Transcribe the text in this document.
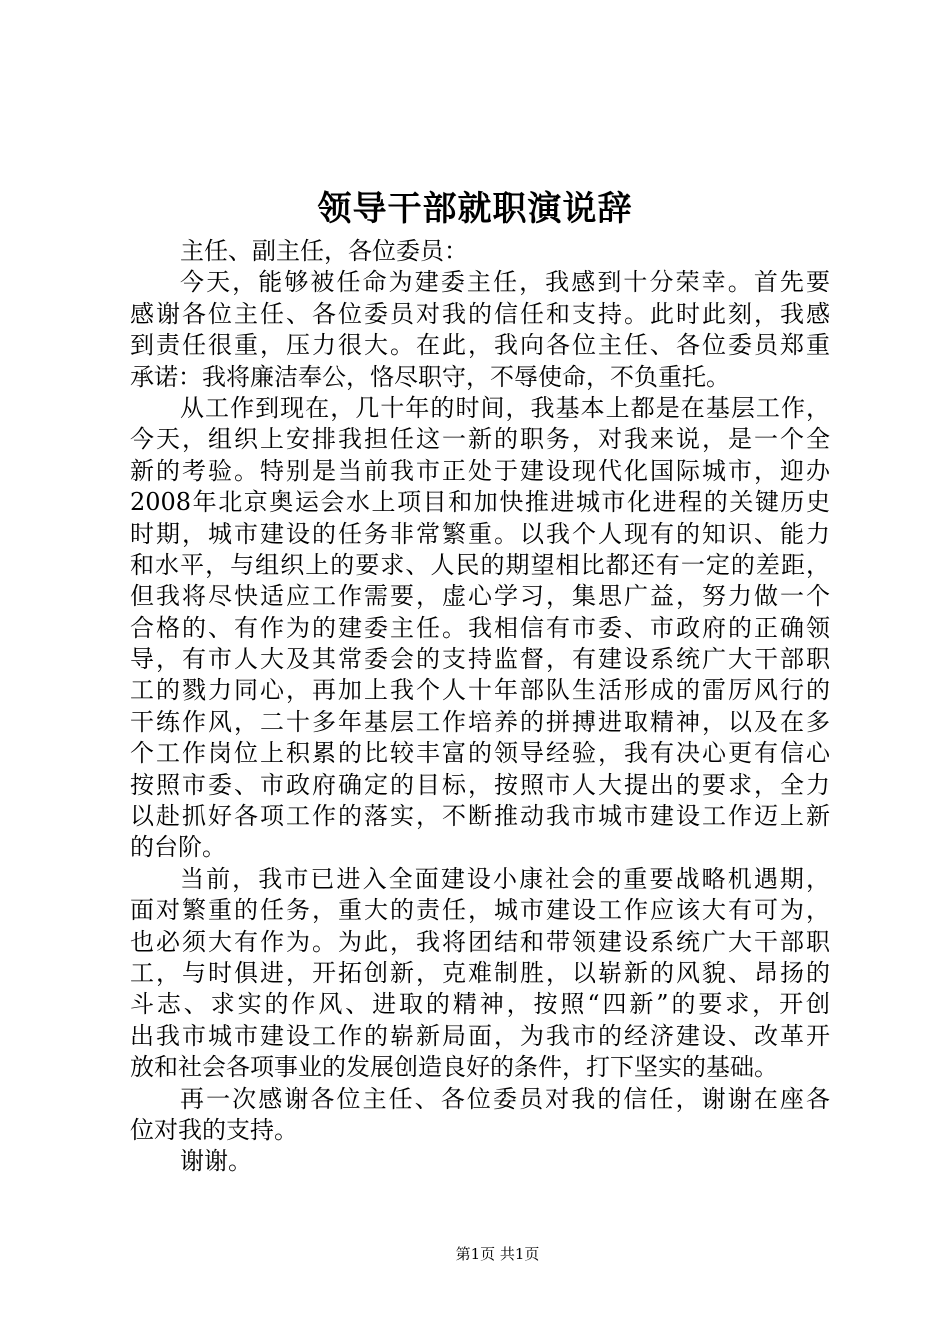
领导干部就职演说辞
主任、副主任，各位委员：
今天，能够被任命为建委主任，我感到十分荣幸。首先要
感谢各位主任、各位委员对我的信任和支持。此时此刻，我感
到责任很重，压力很大。在此，我向各位主任、各位委员郑重
承诺：我将廉洁奉公，恪尽职守，不辱使命，不负重托。
从工作到现在，几十年的时间，我基本上都是在基层工作，
今天，组织上安排我担任这一新的职务，对我来说，是一个全
新的考验。特别是当前我市正处于建设现代化国际城市，迎办
2008年北京奥运会水上项目和加快推进城市化进程的关键历史
时期，城市建设的任务非常繁重。以我个人现有的知识、能力
和水平，与组织上的要求、人民的期望相比都还有一定的差距，
但我将尽快适应工作需要，虚心学习，集思广益，努力做一个
合格的、有作为的建委主任。我相信有市委、市政府的正确领
导，有市人大及其常委会的支持监督，有建设系统广大干部职
工的戮力同心，再加上我个人十年部队生活形成的雷厉风行的
干练作风，二十多年基层工作培养的拼搏进取精神，以及在多
个工作岗位上积累的比较丰富的领导经验，我有决心更有信心
按照市委、市政府确定的目标，按照市人大提出的要求，全力
以赴抓好各项工作的落实，不断推动我市城市建设工作迈上新
的台阶。
当前，我市已进入全面建设小康社会的重要战略机遇期，
面对繁重的任务，重大的责任，城市建设工作应该大有可为，
也必须大有作为。为此，我将团结和带领建设系统广大干部职
工，与时俱进，开拓创新，克难制胜，以崭新的风貌、昂扬的
斗志、求实的作风、进取的精神，按照“四新”的要求，开创
出我市城市建设工作的崭新局面，为我市的经济建设、改革开
放和社会各项事业的发展创造良好的条件，打下坚实的基础。
再一次感谢各位主任、各位委员对我的信任，谢谢在座各
位对我的支持。
谢谢。
第1页 共1页
